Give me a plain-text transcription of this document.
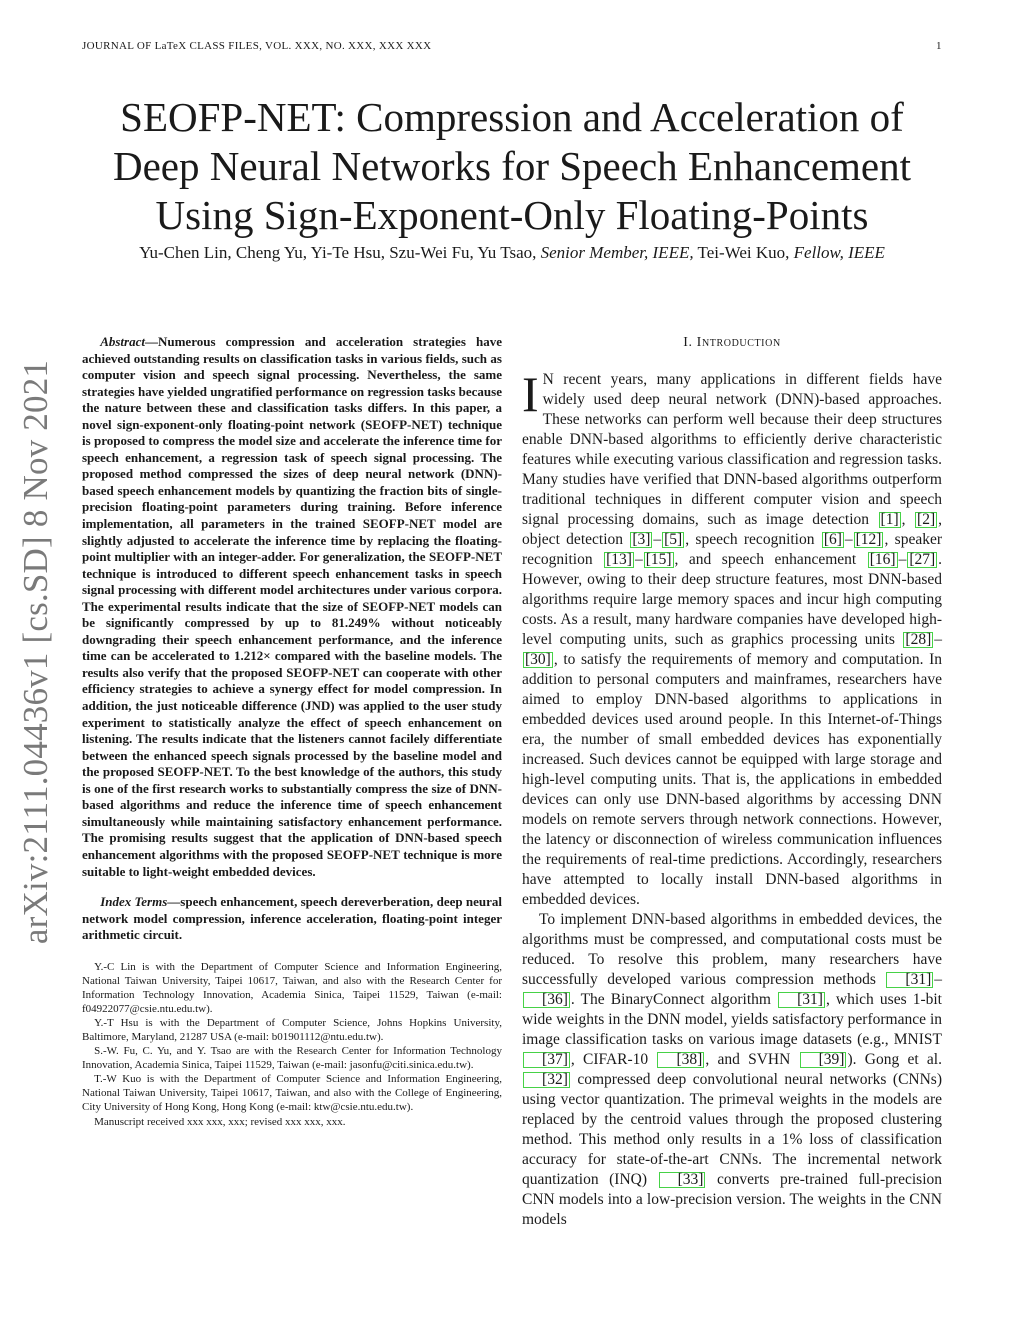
JOURNAL OF LaTeX CLASS FILES, VOL. XXX, NO. XXX, XXX XXX	1
arXiv:2111.04436v1 [cs.SD] 8 Nov 2021
SEOFP-NET: Compression and Acceleration of Deep Neural Networks for Speech Enhancement Using Sign-Exponent-Only Floating-Points
Yu-Chen Lin, Cheng Yu, Yi-Te Hsu, Szu-Wei Fu, Yu Tsao, Senior Member, IEEE, Tei-Wei Kuo, Fellow, IEEE

Abstract—Numerous compression and acceleration strategies have achieved outstanding results on classification tasks in various fields, such as computer vision and speech signal processing. Nevertheless, the same strategies have yielded ungratified performance on regression tasks because the nature between these and classification tasks differs. In this paper, a novel sign-exponent-only floating-point network (SEOFP-NET) technique is proposed to compress the model size and accelerate the inference time for speech enhancement, a regression task of speech signal processing. The proposed method compressed the sizes of deep neural network (DNN)-based speech enhancement models by quantizing the fraction bits of single-precision floating-point parameters during training. Before inference implementation, all parameters in the trained SEOFP-NET model are slightly adjusted to accelerate the inference time by replacing the floating-point multiplier with an integer-adder. For generalization, the SEOFP-NET technique is introduced to different speech enhancement tasks in speech signal processing with different model architectures under various corpora. The experimental results indicate that the size of SEOFP-NET models can be significantly compressed by up to 81.249% without noticeably downgrading their speech enhancement performance, and the inference time can be accelerated to 1.212× compared with the baseline models. The results also verify that the proposed SEOFP-NET can cooperate with other efficiency strategies to achieve a synergy effect for model compression. In addition, the just noticeable difference (JND) was applied to the user study experiment to statistically analyze the effect of speech enhancement on listening. The results indicate that the listeners cannot facilely differentiate between the enhanced speech signals processed by the baseline model and the proposed SEOFP-NET. To the best knowledge of the authors, this study is one of the first research works to substantially compress the size of DNN-based algorithms and reduce the inference time of speech enhancement simultaneously while maintaining satisfactory enhancement performance. The promising results suggest that the application of DNN-based speech enhancement algorithms with the proposed SEOFP-NET technique is more suitable to light-weight embedded devices.

Index Terms—speech enhancement, speech dereverberation, deep neural network model compression, inference acceleration, floating-point integer arithmetic circuit.

Y.-C Lin is with the Department of Computer Science and Information Engineering, National Taiwan University, Taipei 10617, Taiwan, and also with the Research Center for Information Technology Innovation, Academia Sinica, Taipei 11529, Taiwan (e-mail: f04922077@csie.ntu.edu.tw).

Y.-T Hsu is with the Department of Computer Science, Johns Hopkins University, Baltimore, Maryland, 21287 USA (e-mail: b01901112@ntu.edu.tw).

S.-W. Fu, C. Yu, and Y. Tsao are with the Research Center for Information Technology Innovation, Academia Sinica, Taipei 11529, Taiwan (e-mail: jasonfu@citi.sinica.edu.tw).

T.-W Kuo is with the Department of Computer Science and Information Engineering, National Taiwan University, Taipei 10617, Taiwan, and also with the College of Engineering, City University of Hong Kong, Hong Kong (e-mail: ktw@csie.ntu.edu.tw).

Manuscript received xxx xxx, xxx; revised xxx xxx, xxx.

I. Introduction

I N recent years, many applications in different fields have widely used deep neural network (DNN)-based approaches. These networks can perform well because their deep structures enable DNN-based algorithms to efficiently derive characteristic features while executing various classification and regression tasks. Many studies have verified that DNN-based algorithms outperform traditional techniques in different computer vision and speech signal processing domains, such as image detection [1] , [2] , object detection [3] – [5] , speech recognition [6] – [12] , speaker recognition [13] – [15] , and speech enhancement [16] – [27] . However, owing to their deep structure features, most DNN-based algorithms require large memory spaces and incur high computing costs. As a result, many hardware companies have developed high-level computing units, such as graphics processing units [28] –[30] , to satisfy the requirements of memory and computation. In addition to personal computers and mainframes, researchers have aimed to employ DNN-based algorithms to applications in embedded devices used around people. In this Internet-of-Things era, the number of small embedded devices has exponentially increased. Such devices cannot be equipped with large storage and high-level computing units. That is, the applications in embedded devices can only use DNN-based algorithms by accessing DNN models on remote servers through network connections. However, the latency or disconnection of wireless communication influences the requirements of real-time predictions. Accordingly, researchers have attempted to locally install DNN-based algorithms in embedded devices.

To implement DNN-based algorithms in embedded devices, the algorithms must be compressed, and computational costs must be reduced. To resolve this problem, many researchers have successfully developed various compression methods [31] –[36] . The BinaryConnect algorithm [31] , which uses 1-bit wide weights in the DNN model, yields satisfactory performance in image classification tasks on various image datasets (e.g., MNIST [37] , CIFAR-10 [38] , and SVHN [39] ). Gong et al. [32] compressed deep convolutional neural networks (CNNs) using vector quantization. The primeval weights in the models are replaced by the centroid values through the proposed clustering method. This method only results in a 1% loss of classification accuracy for state-of-the-art CNNs. The incremental network quantization (INQ) [33] converts pre-trained full-precision CNN models into a low-precision version. The weights in the CNN models
